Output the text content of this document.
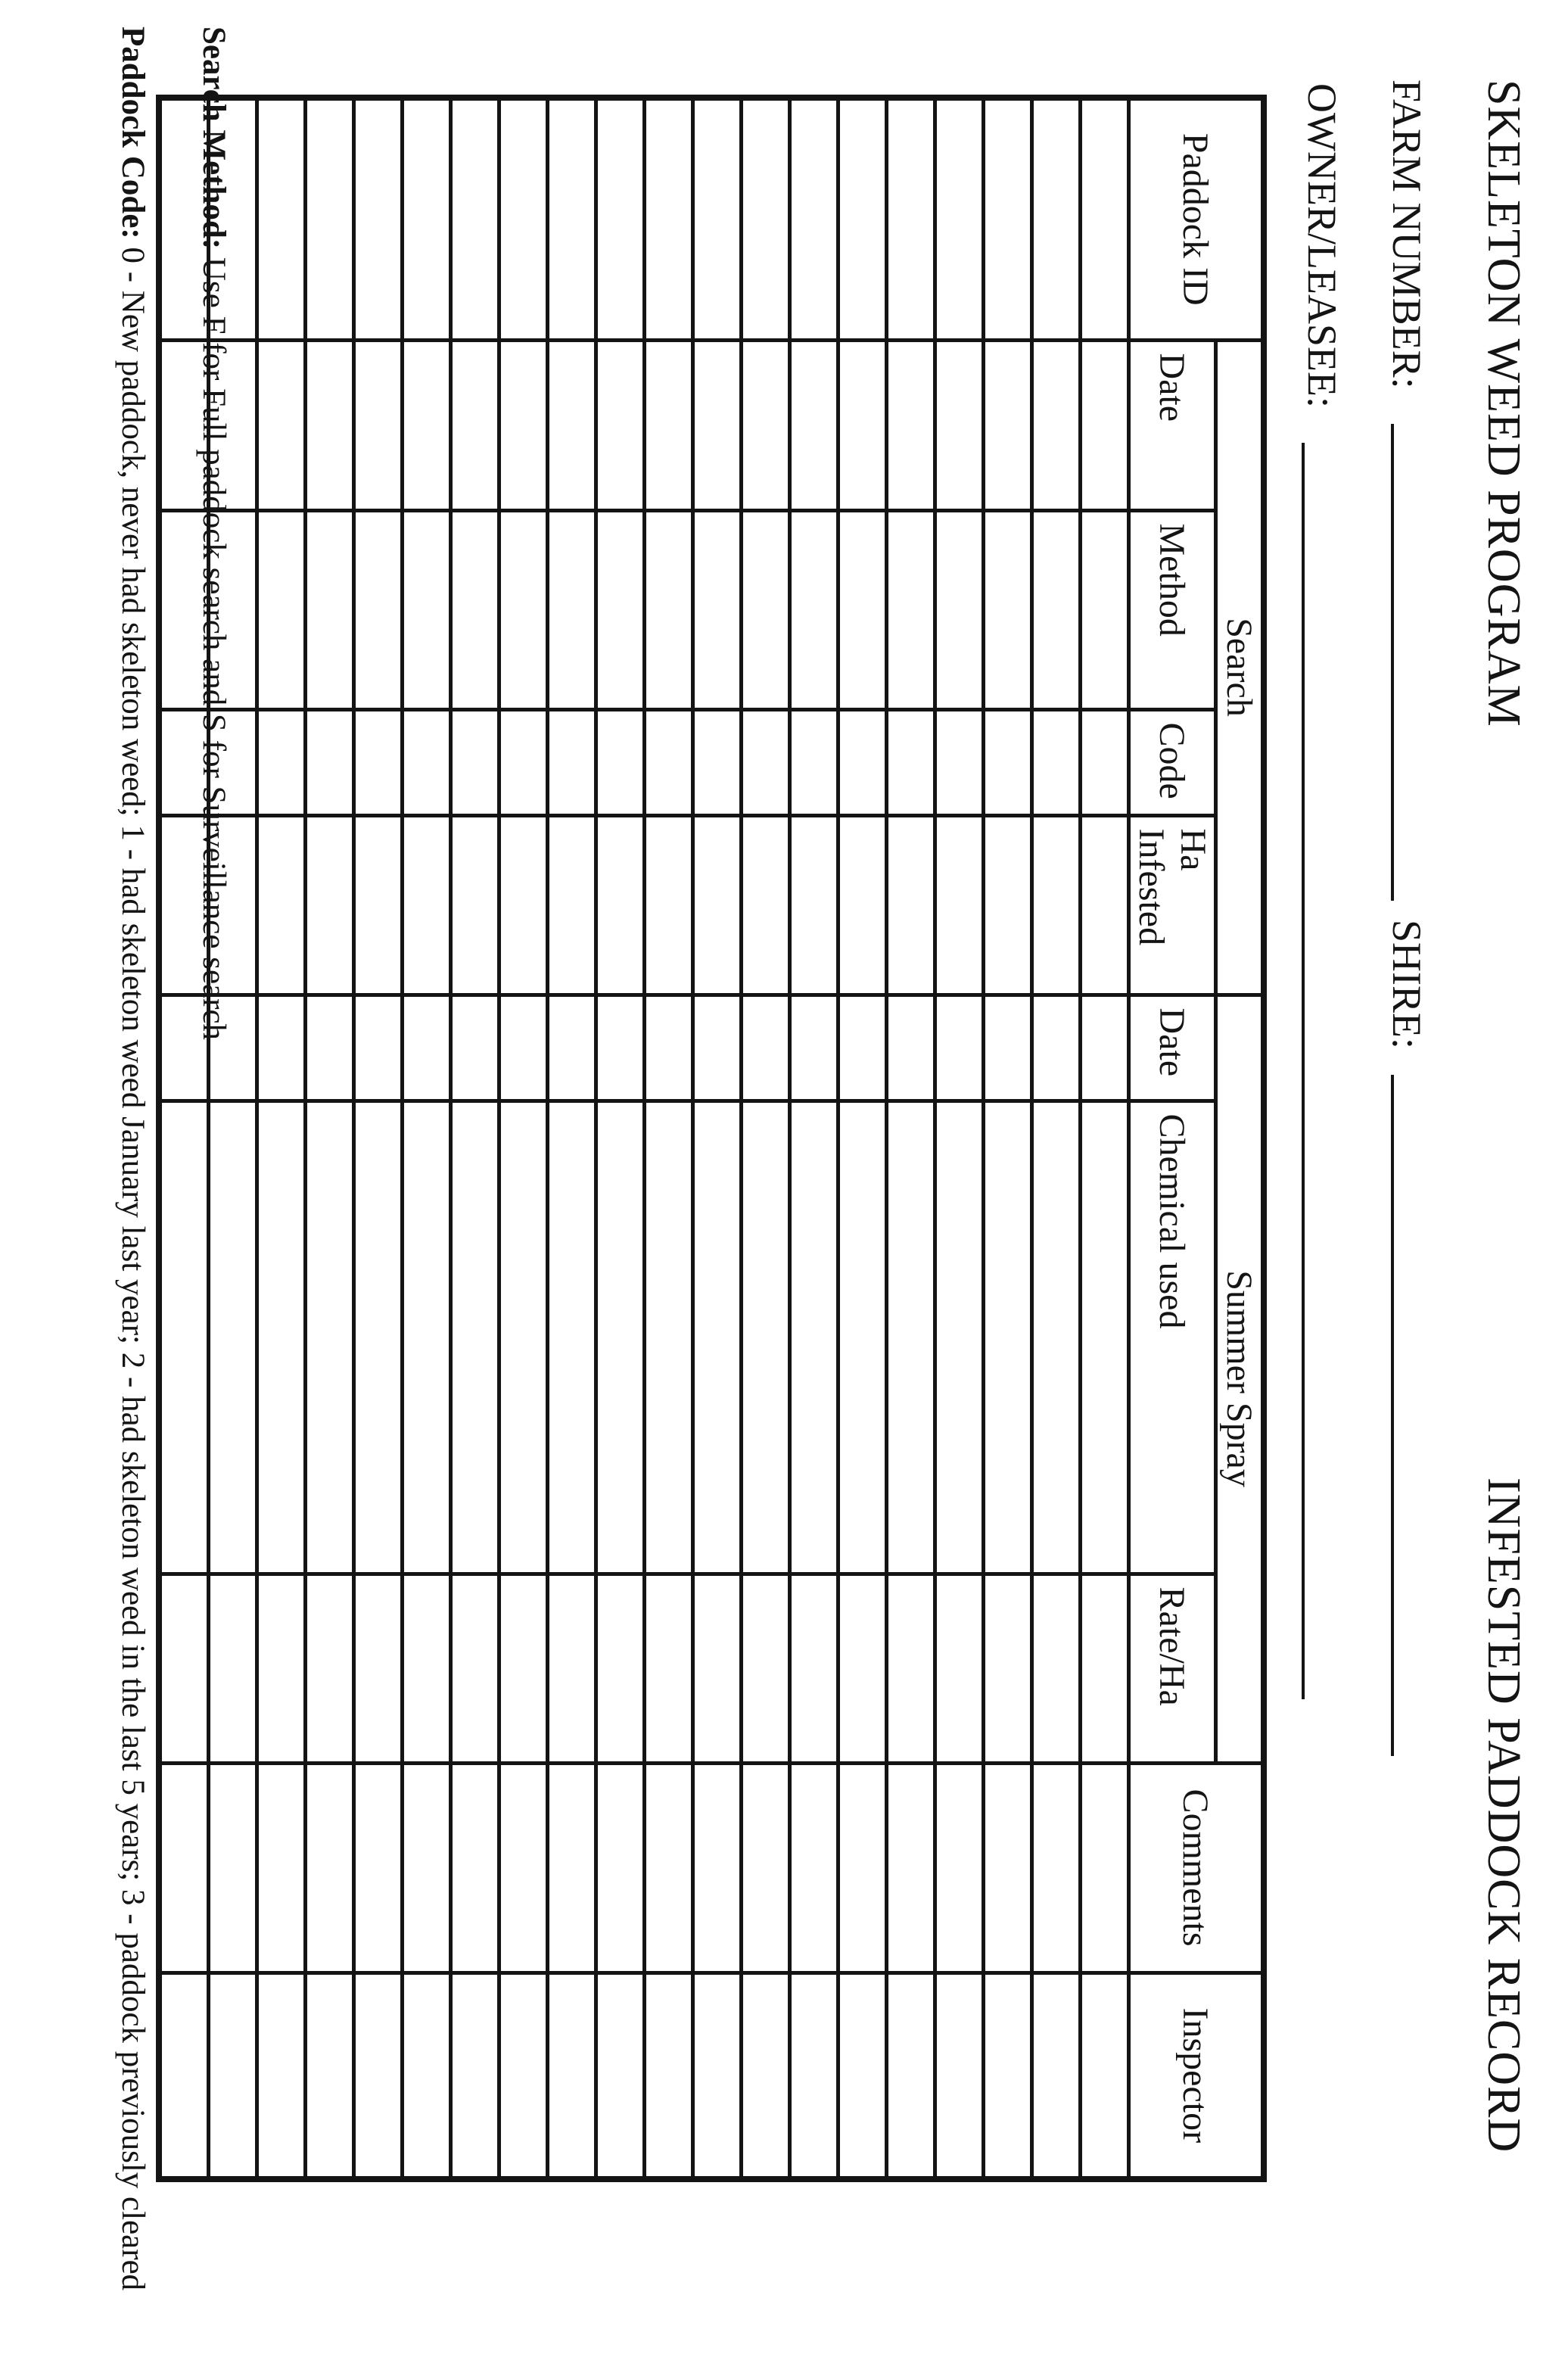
SKELETON WEED PROGRAM
INFESTED PADDOCK RECORD
FARM NUMBER:
SHIRE:
OWNER/LEASEE:
Paddock ID	Search				Summer Spray			Comments	Inspector
	Date	Method	Code	Ha Infested	Date	Chemical used	Rate/Ha		

Search Method: Use F for Full paddock search and S for Surveillance search
Paddock Code: 0 - New paddock, never had skeleton weed; 1 - had skeleton weed January last year; 2 - had skeleton weed in the last 5 years; 3 - paddock previously cleared
